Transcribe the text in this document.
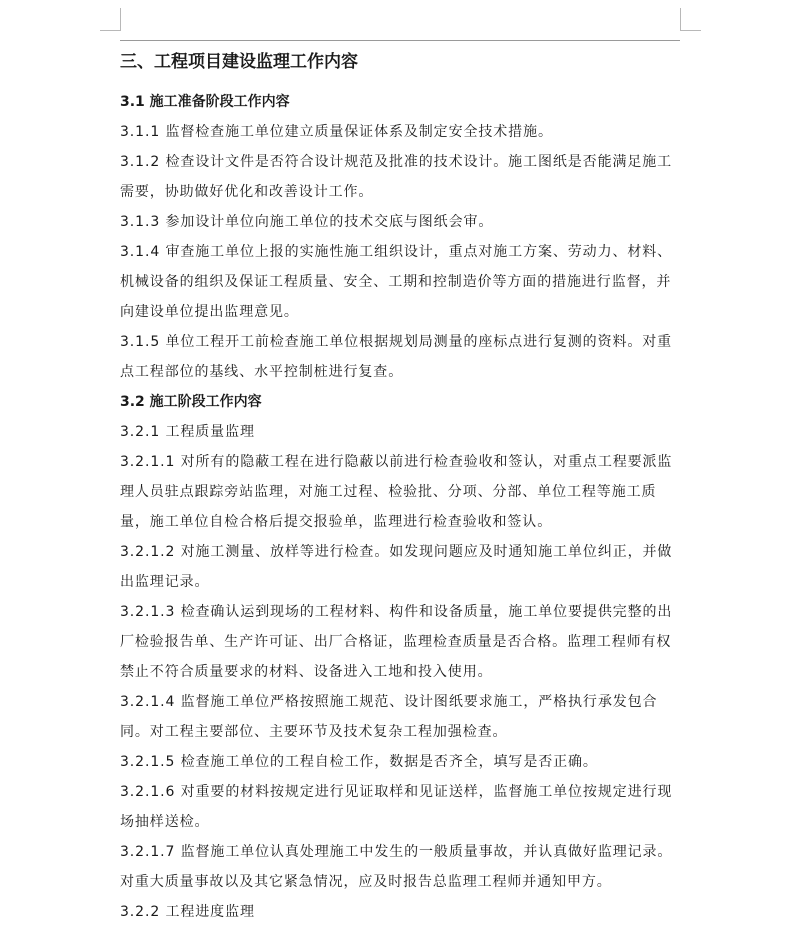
三、工程项目建设监理工作内容
3.1 施工准备阶段工作内容

3.1.1 监督检查施工单位建立质量保证体系及制定安全技术措施。

3.1.2 检查设计文件是否符合设计规范及批准的技术设计。施工图纸是否能满足施工需要，协助做好优化和改善设计工作。

3.1.3 参加设计单位向施工单位的技术交底与图纸会审。

3.1.4 审查施工单位上报的实施性施工组织设计，重点对施工方案、劳动力、材料、机械设备的组织及保证工程质量、安全、工期和控制造价等方面的措施进行监督，并向建设单位提出监理意见。

3.1.5 单位工程开工前检查施工单位根据规划局测量的座标点进行复测的资料。对重点工程部位的基线、水平控制桩进行复查。

3.2 施工阶段工作内容

3.2.1 工程质量监理

3.2.1.1 对所有的隐蔽工程在进行隐蔽以前进行检查验收和签认，对重点工程要派监理人员驻点跟踪旁站监理，对施工过程、检验批、分项、分部、单位工程等施工质量，施工单位自检合格后提交报验单，监理进行检查验收和签认。

3.2.1.2 对施工测量、放样等进行检查。如发现问题应及时通知施工单位纠正，并做出监理记录。

3.2.1.3 检查确认运到现场的工程材料、构件和设备质量，施工单位要提供完整的出厂检验报告单、生产许可证、出厂合格证，监理检查质量是否合格。监理工程师有权禁止不符合质量要求的材料、设备进入工地和投入使用。

3.2.1.4 监督施工单位严格按照施工规范、设计图纸要求施工，严格执行承发包合同。对工程主要部位、主要环节及技术复杂工程加强检查。

3.2.1.5 检查施工单位的工程自检工作，数据是否齐全，填写是否正确。

3.2.1.6 对重要的材料按规定进行见证取样和见证送样，监督施工单位按规定进行现场抽样送检。

3.2.1.7 监督施工单位认真处理施工中发生的一般质量事故，并认真做好监理记录。对重大质量事故以及其它紧急情况，应及时报告总监理工程师并通知甲方。

3.2.2 工程进度监理
